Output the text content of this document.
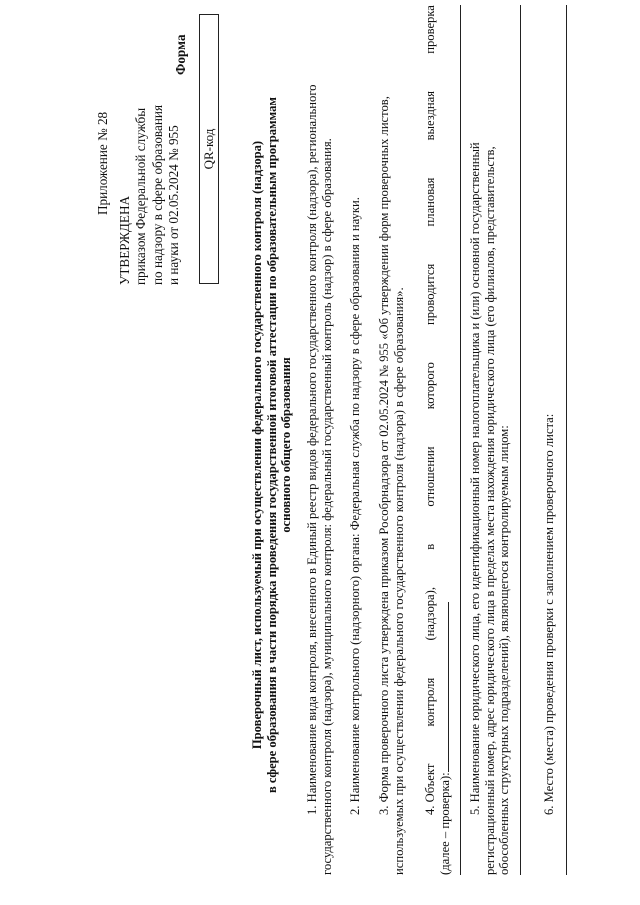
Приложение № 28
УТВЕРЖДЕНА приказом Федеральной службы по надзору в сфере образования и науки от 02.05.2024 № 955
Форма
QR-код	Проверочный лист, используемый при осуществлении федерального государственного контроля (надзора) в сфере образования в части порядка проведения государственной итоговой аттестации по образовательным программам основного общего образования 1. Наименование вида контроля, внесенного в Единый реестр видов федерального государственного контроля (надзора), регионального государственного контроля (надзора), муниципального контроля: федеральный государственный контроль (надзор) в сфере образования. 2. Наименование контрольного (надзорного) органа: Федеральная служба по надзору в сфере образования и науки. 3. Форма проверочного листа утверждена приказом Рособрнадзора от 02.05.2024 № 955 «Об утверждении форм проверочных листов, используемых при осуществлении федерального государственного контроля (надзора) в сфере образования». 4. Объект
контроля
(надзора),
в
отношении
которого
проводится
плановая
выездная
проверка
(далее – проверка):
5. Наименование юридического лица, его идентификационный номер налогоплательщика и (или) основной государственный регистрационный номер, адрес юридического лица в пределах места нахождения юридического лица (его филиалов, представительств, обособленных структурных подразделений), являющегося контролируемым лицом: 6. Место (места) проведения проверки с заполнением проверочного листа:
